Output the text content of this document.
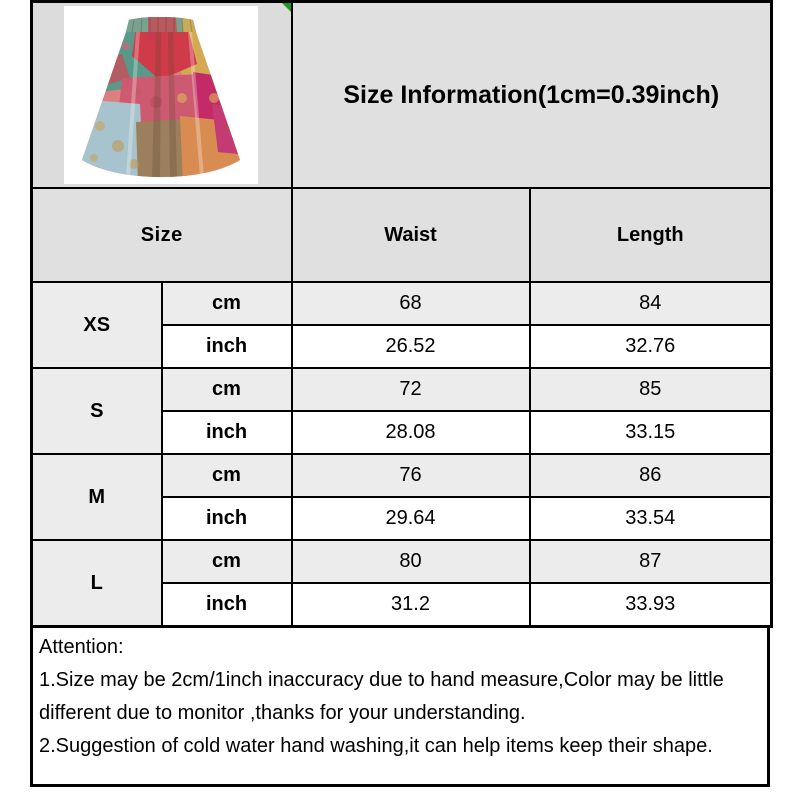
	Size Information(1cm=0.39inch)	
Size		Waist	Length
XS	cm	68	84
	inch	26.52	32.76
S	cm	72	85
	inch	28.08	33.15
M	cm	76	86
	inch	29.64	33.54
L	cm	80	87
	inch	31.2	33.93
Attention:
1.Size may be 2cm/1inch inaccuracy due to hand measure,Color may be little different due to monitor ,thanks for your understanding.
2.Suggestion of cold water hand washing,it can help items keep their shape.
